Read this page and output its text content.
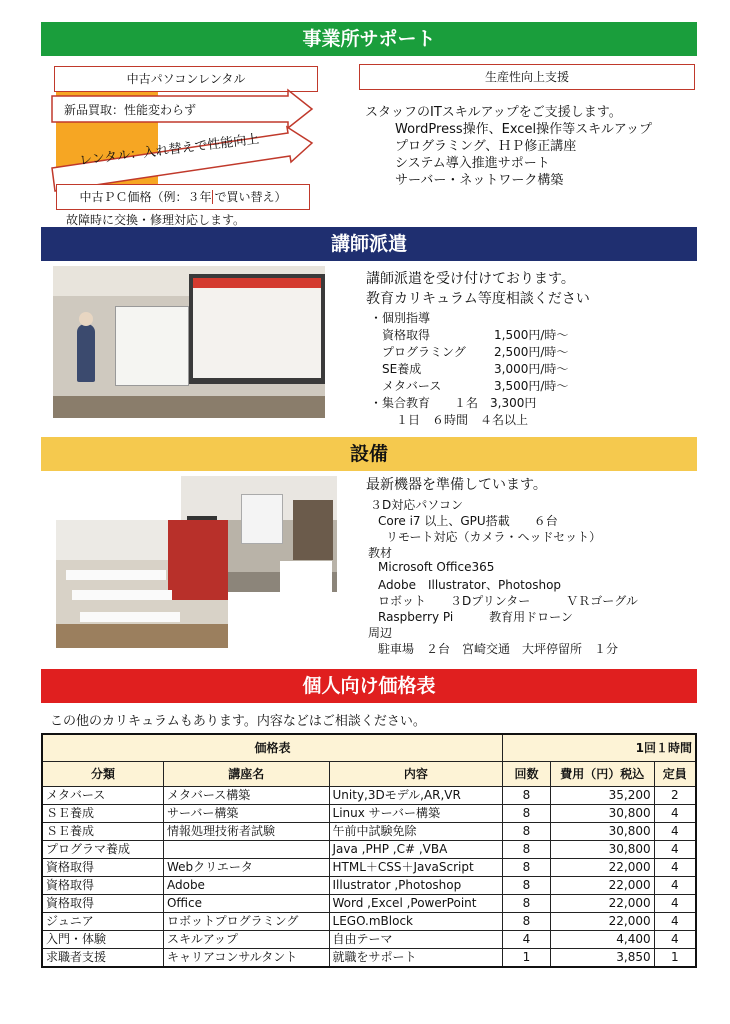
事業所サポート
講師派遣
設備
個人向け価格表
中古パソコンレンタル
新品買取：性能変わらず
レンタル：入れ替えで性能向上
中古ＰＣ価格（例：３年 で買い替え）
故障時に交換・修理対応します。
生産性向上支援
スタッフのITスキルアップをご支援します。
WordPress操作、Excel操作等スキルアップ
プログラミング、ＨＰ修正講座
システム導入推進サポート
サーバー・ネットワーク構築
講師派遣を受け付けております。
教育カリキュラム等度相談ください
・個別指導
資格取得	1,500円/時～
プログラミング 2,500円/時～
SE養成	3,000円/時～
メタバース	3,500円/時～
・集合教育　　１名　3,300円
１日　６時間　４名以上
最新機器を準備しています。
３D対応パソコン
Core i7 以上、GPU搭載　　６台
リモート対応（カメラ・ヘッドセット）
教材
Microsoft Office365
Adobe　Illustrator、Photoshop
ロボット　　３Dプリンター　　　ＶＲゴーグル
Raspberry Pi　　　教育用ドローン
周辺
駐車場　２台　宮崎交通　大坪停留所　１分
この他のカリキュラムもあります。内容などはご相談ください。
価格表			1回１時間		
分類	講座名	内容	回数	費用（円）税込	定員
メタバース	メタバース構築	Unity,3Dモデル,AR,VR	8	35,200	2
ＳＥ養成	サーバー構築	Linux サーバー構築	8	30,800	4
ＳＥ養成	情報処理技術者試験	午前中試験免除	8	30,800	4
プログラマ養成		Java ,PHP ,C# ,VBA	8	30,800	4
資格取得	Webクリエータ	HTML＋CSS＋JavaScript	8	22,000	4
資格取得	Adobe	Illustrator ,Photoshop	8	22,000	4
資格取得	Office	Word ,Excel ,PowerPoint	8	22,000	4
ジュニア	ロボットプログラミング	LEGO.mBlock	8	22,000	4
入門・体験	スキルアップ	自由テーマ	4	4,400	4
求職者支援	キャリアコンサルタント	就職をサポート	1	3,850	1
